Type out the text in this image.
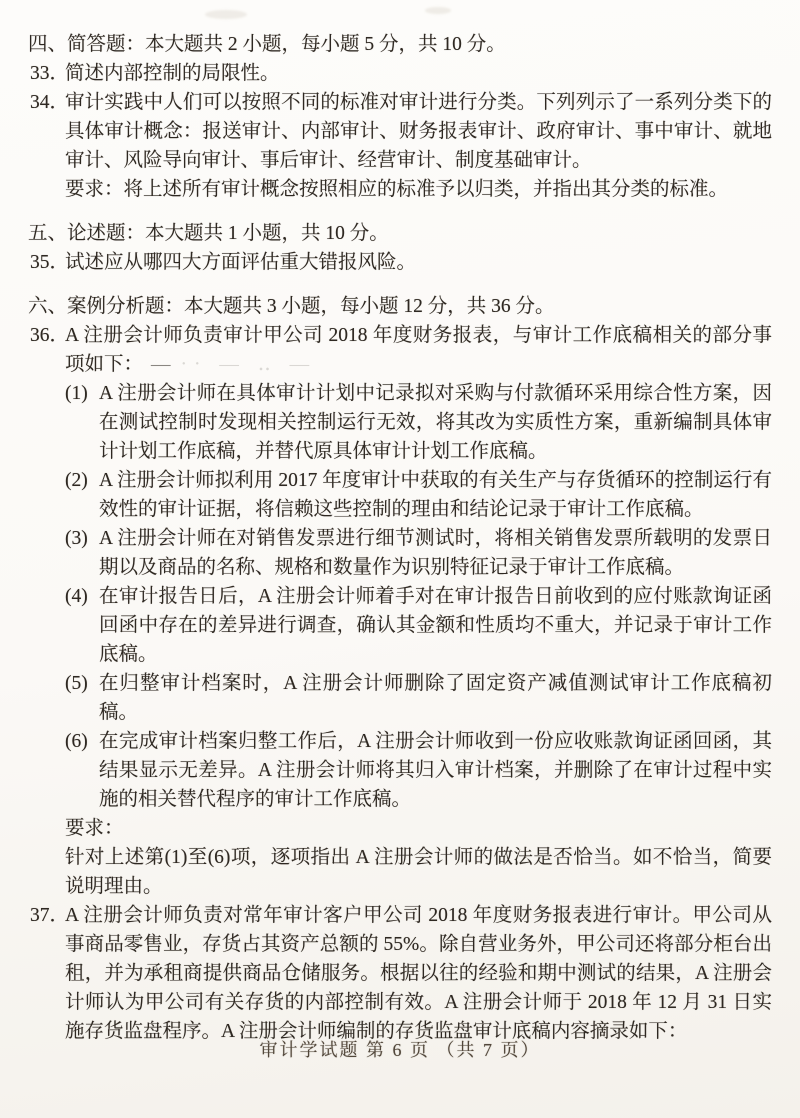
四、简答题：本大题共 2 小题，每小题 5 分，共 10 分。
33．

简述内部控制的局限性。

34．

审计实践中人们可以按照不同的标准对审计进行分类。下列列示了一系列分类下的具体审计概念：报送审计、内部审计、财务报表审计、政府审计、事中审计、就地审计、风险导向审计、事后审计、经营审计、制度基础审计。

要求：将上述所有审计概念按照相应的标准予以归类，并指出其分类的标准。

五、论述题：本大题共 1 小题，共 10 分。
35．

试述应从哪四大方面评估重大错报风险。

六、案例分析题：本大题共 3 小题，每小题 12 分，共 36 分。
36．

A 注册会计师负责审计甲公司 2018 年度财务报表，与审计工作底稿相关的部分事项如下： — ·· ― ‥ ―

(1) A 注册会计师在具体审计计划中记录拟对采购与付款循环采用综合性方案，因在测试控制时发现相关控制运行无效，将其改为实质性方案，重新编制具体审计计划工作底稿，并替代原具体审计计划工作底稿。
(2) A 注册会计师拟利用 2017 年度审计中获取的有关生产与存货循环的控制运行有效性的审计证据，将信赖这些控制的理由和结论记录于审计工作底稿。
(3) A 注册会计师在对销售发票进行细节测试时，将相关销售发票所载明的发票日期以及商品的名称、规格和数量作为识别特征记录于审计工作底稿。
(4) 在审计报告日后，A 注册会计师着手对在审计报告日前收到的应付账款询证函回函中存在的差异进行调查，确认其金额和性质均不重大，并记录于审计工作底稿。
(5) 在归整审计档案时，A 注册会计师删除了固定资产减值测试审计工作底稿初稿。
(6) 在完成审计档案归整工作后，A 注册会计师收到一份应收账款询证函回函，其结果显示无差异。A 注册会计师将其归入审计档案，并删除了在审计过程中实施的相关替代程序的审计工作底稿。

要求：

针对上述第(1)至(6)项，逐项指出 A 注册会计师的做法是否恰当。如不恰当，简要说明理由。

37．

A 注册会计师负责对常年审计客户甲公司 2018 年度财务报表进行审计。甲公司从事商品零售业，存货占其资产总额的 55%。除自营业务外，甲公司还将部分柜台出租，并为承租商提供商品仓储服务。根据以往的经验和期中测试的结果，A 注册会计师认为甲公司有关存货的内部控制有效。A 注册会计师于 2018 年 12 月 31 日实施存货监盘程序。A 注册会计师编制的存货监盘审计底稿内容摘录如下：

审计学试题 第 6 页 （共 7 页）
